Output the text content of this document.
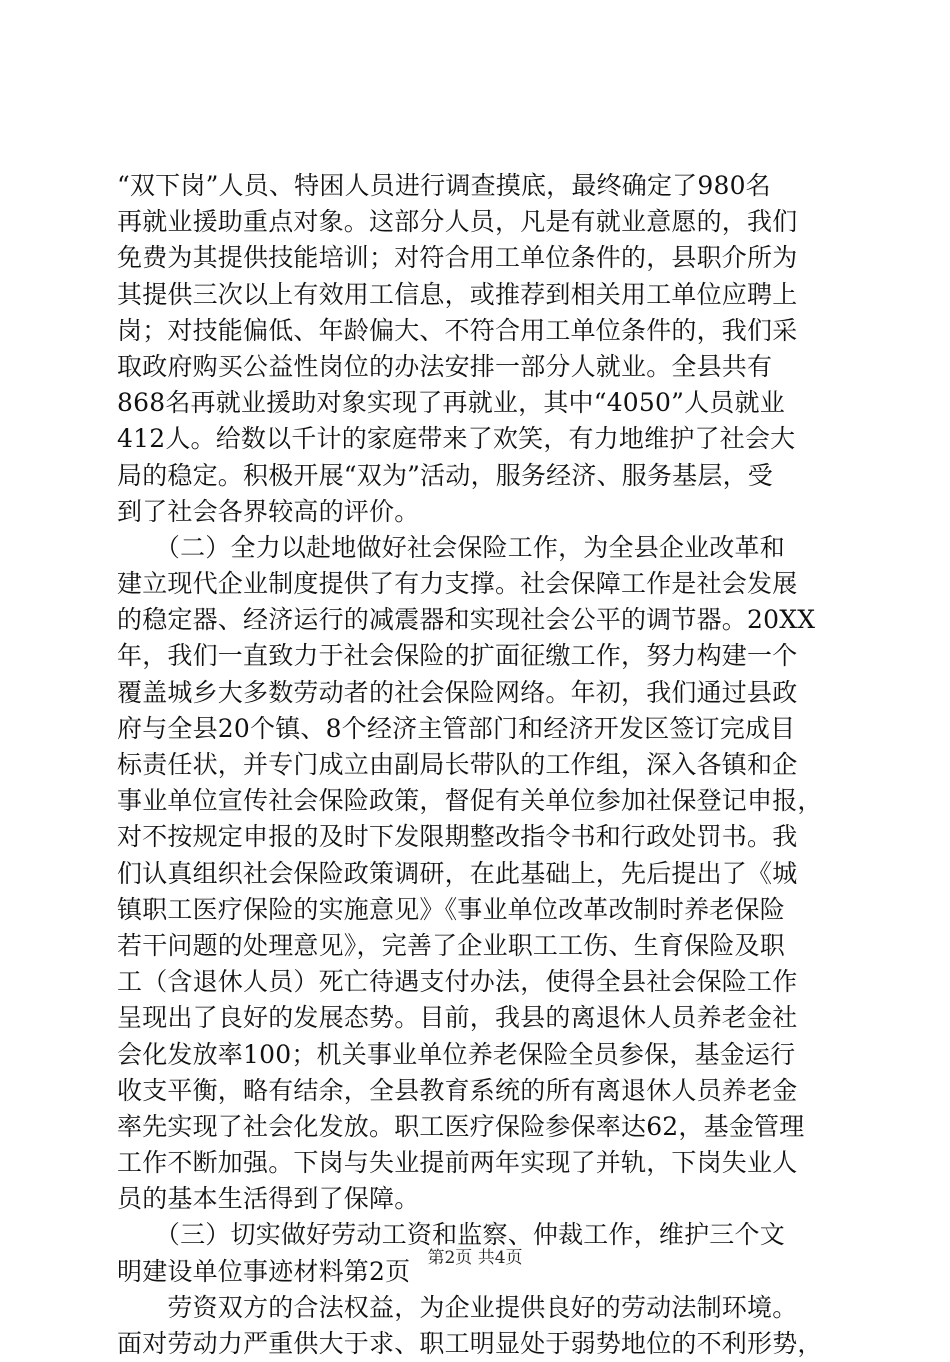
“双下岗”人员、特困人员进行调查摸底，最终确定了980名
再就业援助重点对象。这部分人员，凡是有就业意愿的，我们
免费为其提供技能培训；对符合用工单位条件的，县职介所为
其提供三次以上有效用工信息，或推荐到相关用工单位应聘上
岗；对技能偏低、年龄偏大、不符合用工单位条件的，我们采
取政府购买公益性岗位的办法安排一部分人就业。全县共有
868名再就业援助对象实现了再就业，其中“4050”人员就业
412人。给数以千计的家庭带来了欢笑，有力地维护了社会大
局的稳定。积极开展“双为”活动，服务经济、服务基层，受
到了社会各界较高的评价。
　　（二）全力以赴地做好社会保险工作，为全县企业改革和
建立现代企业制度提供了有力支撑。社会保障工作是社会发展
的稳定器、经济运行的减震器和实现社会公平的调节器。20XX
年，我们一直致力于社会保险的扩面征缴工作，努力构建一个
覆盖城乡大多数劳动者的社会保险网络。年初，我们通过县政
府与全县20个镇、8个经济主管部门和经济开发区签订完成目
标责任状，并专门成立由副局长带队的工作组，深入各镇和企
事业单位宣传社会保险政策，督促有关单位参加社保登记申报，
对不按规定申报的及时下发限期整改指令书和行政处罚书。我
们认真组织社会保险政策调研，在此基础上，先后提出了《城
镇职工医疗保险的实施意见》《事业单位改革改制时养老保险
若干问题的处理意见》，完善了企业职工工伤、生育保险及职
工（含退休人员）死亡待遇支付办法，使得全县社会保险工作
呈现出了良好的发展态势。目前，我县的离退休人员养老金社
会化发放率100；机关事业单位养老保险全员参保，基金运行
收支平衡，略有结余，全县教育系统的所有离退休人员养老金
率先实现了社会化发放。职工医疗保险参保率达62，基金管理
工作不断加强。下岗与失业提前两年实现了并轨，下岗失业人
员的基本生活得到了保障。
　　（三）切实做好劳动工资和监察、仲裁工作，维护三个文
明建设单位事迹材料第2页
　　劳资双方的合法权益，为企业提供良好的劳动法制环境。
面对劳动力严重供大于求、职工明显处于弱势地位的不利形势，
第2页 共4页
